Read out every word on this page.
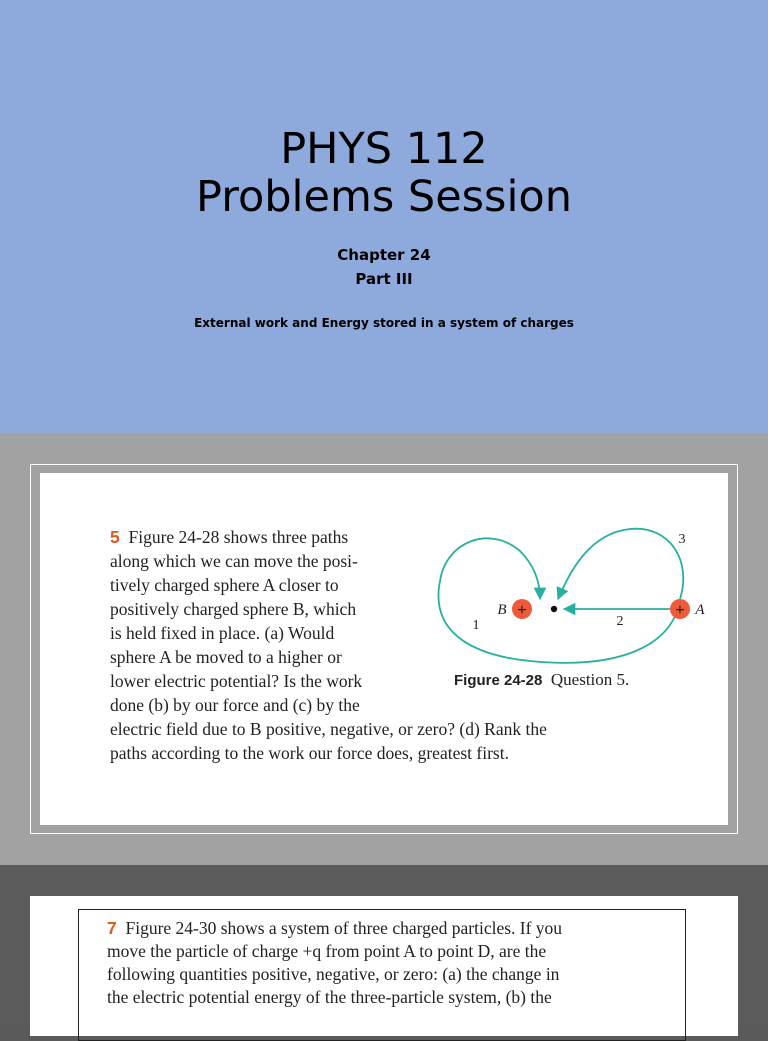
PHYS 112
Problems Session
Chapter 24
Part III
External work and Energy stored in a system of charges
5 Figure 24-28 shows three paths
along which we can move the posi-
tively charged sphere A closer to
positively charged sphere B, which
is held fixed in place. (a) Would
sphere A be moved to a higher or
lower electric potential? Is the work
done (b) by our force and (c) by the
electric field due to B positive, negative, or zero? (d) Rank the
paths according to the work our force does, greatest first.
+
B	+ A
1	2
3
Figure 24-28 Question 5.
7 Figure 24-30 shows a system of three charged particles. If you
move the particle of charge +q from point A to point D, are the
following quantities positive, negative, or zero: (a) the change in
the electric potential energy of the three-particle system, (b) the
